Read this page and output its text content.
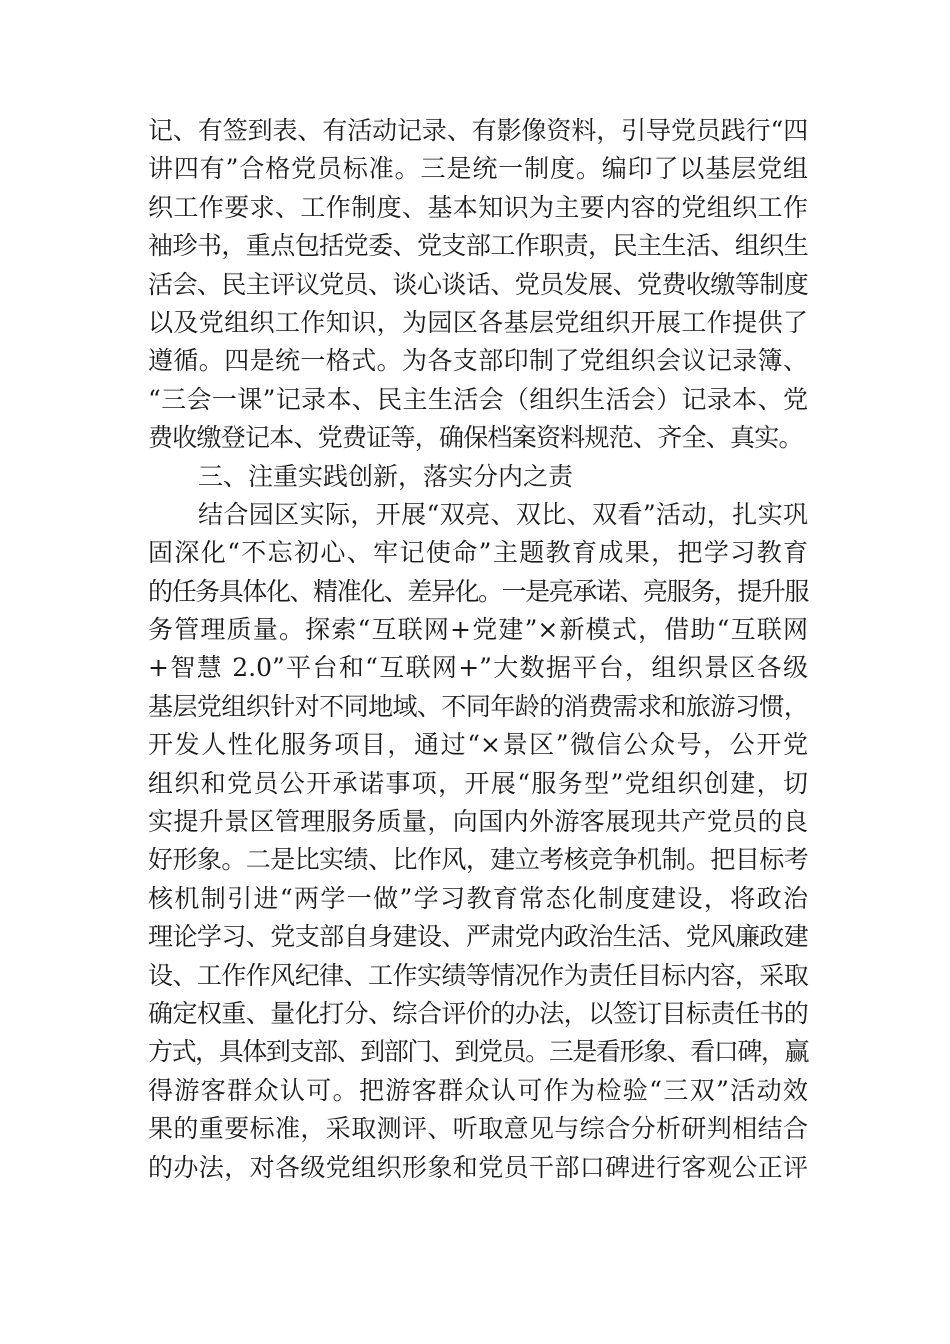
记、有签到表、有活动记录、有影像资料，引导党员践行“四
讲四有”合格党员标准。三是统一制度。编印了以基层党组
织工作要求、工作制度、基本知识为主要内容的党组织工作
袖珍书，重点包括党委、党支部工作职责，民主生活、组织生
活会、民主评议党员、谈心谈话、党员发展、党费收缴等制度
以及党组织工作知识，为园区各基层党组织开展工作提供了
遵循。四是统一格式。为各支部印制了党组织会议记录簿、
“三会一课”记录本、民主生活会（组织生活会）记录本、党
费收缴登记本、党费证等，确保档案资料规范、齐全、真实。
三、注重实践创新，落实分内之责
结合园区实际，开展“双亮、双比、双看”活动，扎实巩
固深化“不忘初心、牢记使命”主题教育成果，把学习教育
的任务具体化、精准化、差异化。一是亮承诺、亮服务，提升服
务管理质量。探索“互联网+党建”×新模式，借助“互联网
+智慧 2.0”平台和“互联网+”大数据平台，组织景区各级
基层党组织针对不同地域、不同年龄的消费需求和旅游习惯，
开发人性化服务项目，通过“×景区”微信公众号，公开党
组织和党员公开承诺事项，开展“服务型”党组织创建，切
实提升景区管理服务质量，向国内外游客展现共产党员的良
好形象。二是比实绩、比作风，建立考核竞争机制。把目标考
核机制引进“两学一做”学习教育常态化制度建设，将政治
理论学习、党支部自身建设、严肃党内政治生活、党风廉政建
设、工作作风纪律、工作实绩等情况作为责任目标内容，采取
确定权重、量化打分、综合评价的办法，以签订目标责任书的
方式，具体到支部、到部门、到党员。三是看形象、看口碑，赢
得游客群众认可。把游客群众认可作为检验“三双”活动效
果的重要标准，采取测评、听取意见与综合分析研判相结合
的办法，对各级党组织形象和党员干部口碑进行客观公正评
